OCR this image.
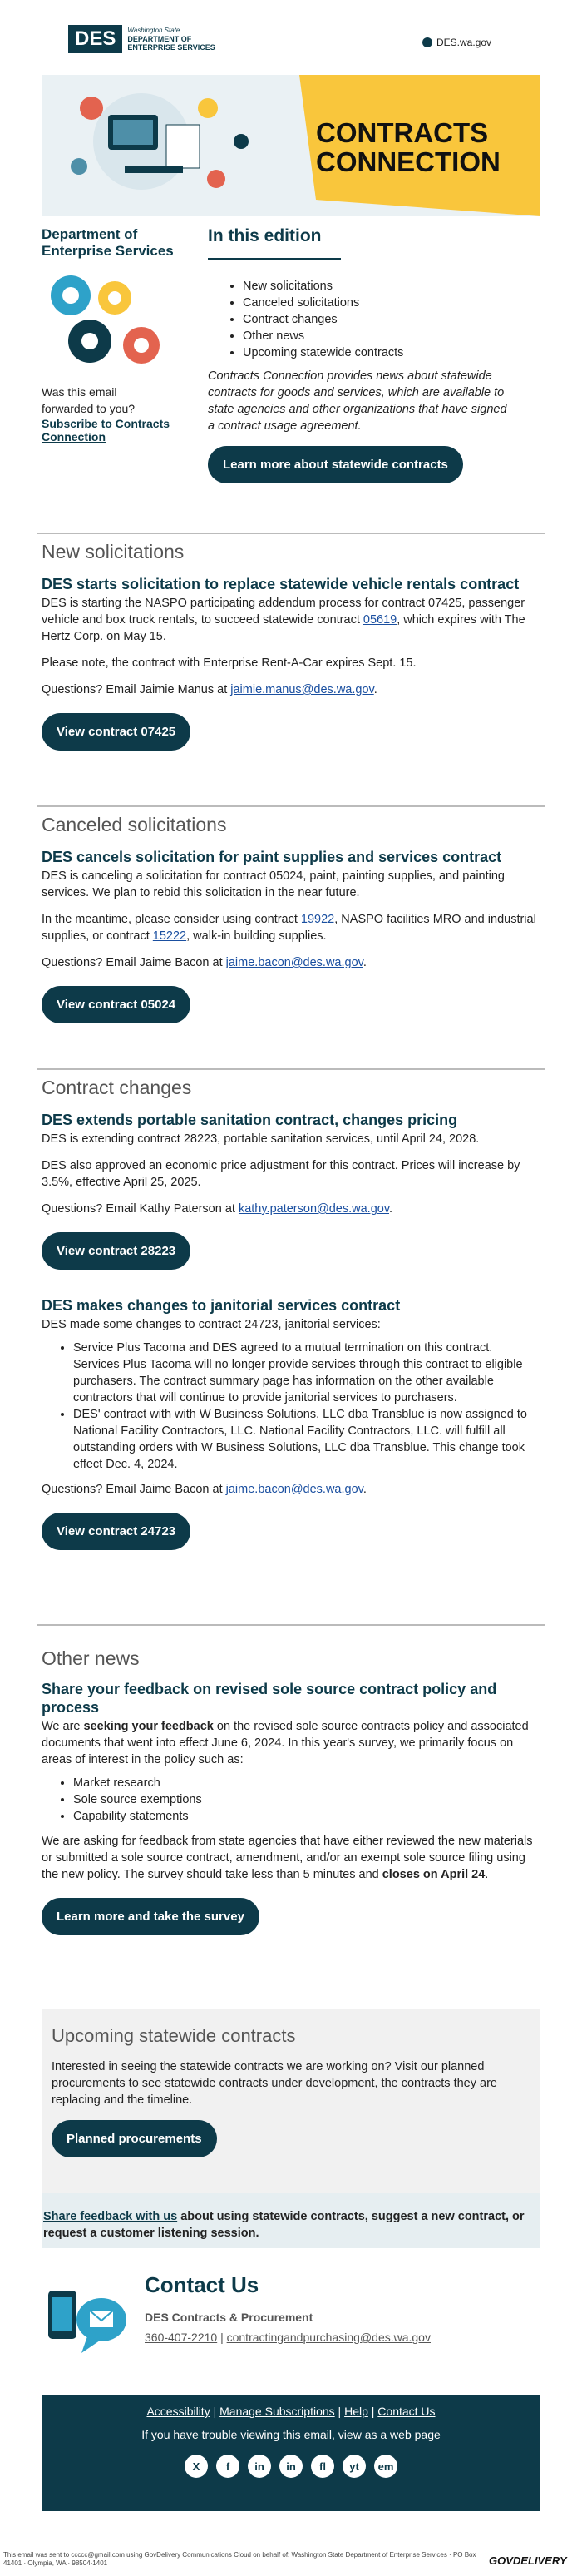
DES	Washington State
DEPARTMENT OF
ENTERPRISE SERVICES	DES.wa.gov
CONTRACTS
CONNECTION
Department of
Enterprise Services

Was this email forwarded to you?

Subscribe to Contracts Connection
In this edition
• New solicitations
• Canceled solicitations
• Contract changes
• Other news
• Upcoming statewide contracts

Contracts Connection provides news about statewide contracts for goods and services, which are available to state agencies and other organizations that have signed a contract usage agreement.

Learn more about statewide contracts
New solicitations
DES starts solicitation to replace statewide vehicle rentals contract

DES is starting the NASPO participating addendum process for contract 07425, passenger vehicle and box truck rentals, to succeed statewide contract 05619, which expires with The Hertz Corp. on May 15.

Please note, the contract with Enterprise Rent-A-Car expires Sept. 15.

Questions? Email Jaimie Manus at jaimie.manus@des.wa.gov.

View contract 07425
Canceled solicitations
DES cancels solicitation for paint supplies and services contract

DES is canceling a solicitation for contract 05024, paint, painting supplies, and painting services. We plan to rebid this solicitation in the near future.

In the meantime, please consider using contract 19922, NASPO facilities MRO and industrial supplies, or contract 15222, walk-in building supplies.

Questions? Email Jaime Bacon at jaime.bacon@des.wa.gov.

View contract 05024
Contract changes
DES extends portable sanitation contract, changes pricing

DES is extending contract 28223, portable sanitation services, until April 24, 2028.

DES also approved an economic price adjustment for this contract. Prices will increase by 3.5%, effective April 25, 2025.

Questions? Email Kathy Paterson at kathy.paterson@des.wa.gov.

View contract 28223
DES makes changes to janitorial services contract

DES made some changes to contract 24723, janitorial services:

• Service Plus Tacoma and DES agreed to a mutual termination on this contract. Services Plus Tacoma will no longer provide services through this contract to eligible purchasers. The contract summary page has information on the other available contractors that will continue to provide janitorial services to purchasers.
• DES' contract with with W Business Solutions, LLC dba Transblue is now assigned to National Facility Contractors, LLC. National Facility Contractors, LLC. will fulfill all outstanding orders with W Business Solutions, LLC dba Transblue. This change took effect Dec. 4, 2024.

Questions? Email Jaime Bacon at jaime.bacon@des.wa.gov.

View contract 24723
Other news
Share your feedback on revised sole source contract policy and process

We are seeking your feedback on the revised sole source contracts policy and associated documents that went into effect June 6, 2024. In this year's survey, we primarily focus on areas of interest in the policy such as:

• Market research
• Sole source exemptions
• Capability statements

We are asking for feedback from state agencies that have either reviewed the new materials or submitted a sole source contract, amendment, and/or an exempt sole source filing using the new policy. The survey should take less than 5 minutes and closes on April 24.

Learn more and take the survey
Upcoming statewide contracts

Interested in seeing the statewide contracts we are working on? Visit our planned procurements to see statewide contracts under development, the contracts they are replacing and the timeline.

Planned procurements

Share feedback with us about using statewide contracts, suggest a new contract, or request a customer listening session.

Contact Us
DES Contracts & Procurement
360-407-2210 | contractingandpurchasing@des.wa.gov
Accessibility | Manage Subscriptions | Help | Contact Us
If you have trouble viewing this email, view as a web page
X f in in fl yt em
This email was sent to ccccc@gmail.com using GovDelivery Communications Cloud on behalf of: Washington State Department of Enterprise Services · PO Box 41401 · Olympia, WA · 98504-1401	GOVDELIVERY
